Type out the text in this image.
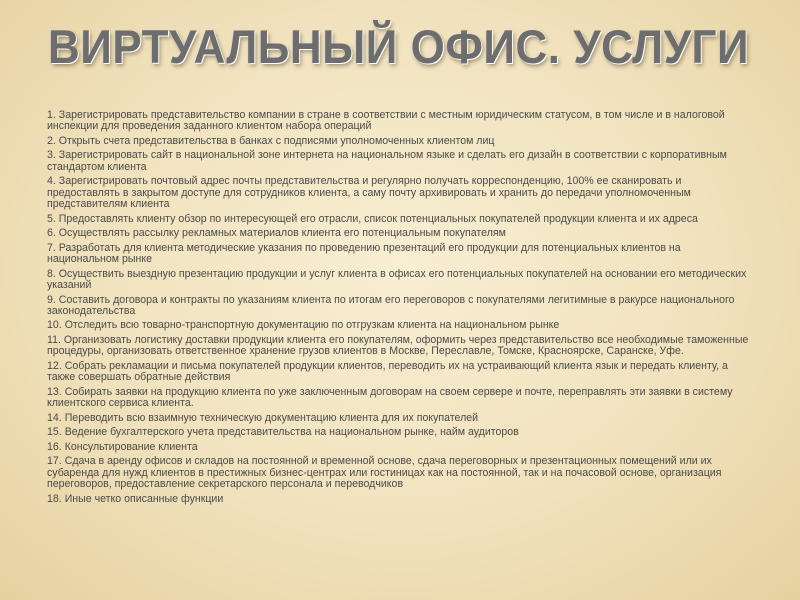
ВИРТУАЛЬНЫЙ ОФИС. УСЛУГИ

1. Зарегистрировать представительство компании в стране в соответствии с местным юридическим статусом, в том числе и в налоговой инспекции для проведения заданного клиентом набора операций

2. Открыть счета представительства в банках с подписями уполномоченных клиентом лиц

3. Зарегистрировать сайт в национальной зоне интернета на национальном языке и сделать его дизайн в соответствии с корпоративным стандартом клиента

4. Зарегистрировать почтовый адрес почты представительства и регулярно получать корреспонденцию, 100% ее сканировать и предоставлять в закрытом доступе для сотрудников клиента, а саму почту архивировать и хранить до передачи уполномоченным представителям клиента

5. Предоставлять клиенту обзор по интересующей его отрасли, список потенциальных покупателей продукции клиента и их адреса

6. Осуществлять рассылку рекламных материалов клиента его потенциальным покупателям

7. Разработать для клиента методические указания по проведению презентаций его продукции для потенциальных клиентов на национальном рынке

8. Осуществить выездную презентацию продукции и услуг клиента в офисах его потенциальных покупателей на основании его методических указаний

9. Составить договора и контракты по указаниям клиента по итогам его переговоров с покупателями легитимные в ракурсе национального законодательства

10. Отследить всю товарно-транспортную документацию по отгрузкам клиента на национальном рынке

11. Организовать логистику доставки продукции клиента его покупателям, оформить через представительство все необходимые таможенные процедуры, организовать ответственное хранение грузов клиентов в Москве, Переславле, Томске, Красноярске, Саранске, Уфе.

12. Собрать рекламации и письма покупателей продукции клиентов, переводить их на устраивающий клиента язык и передать клиенту, а также совершать обратные действия

13. Собирать заявки на продукцию клиента по уже заключенным договорам на своем сервере и почте, переправлять эти заявки в систему клиентского сервиса клиента.

14. Переводить всю взаимную техническую документацию клиента для их покупателей

15. Ведение бухгалтерского учета представительства на национальном рынке, найм аудиторов

16. Консультирование клиента

17. Сдача в аренду офисов и складов на постоянной и временной основе, сдача переговорных и презентационных помещений или их субаренда для нужд клиентов в престижных бизнес-центрах или гостиницах как на постоянной, так и на почасовой основе, организация переговоров, предоставление секретарского персонала и переводчиков

18. Иные четко описанные функции
